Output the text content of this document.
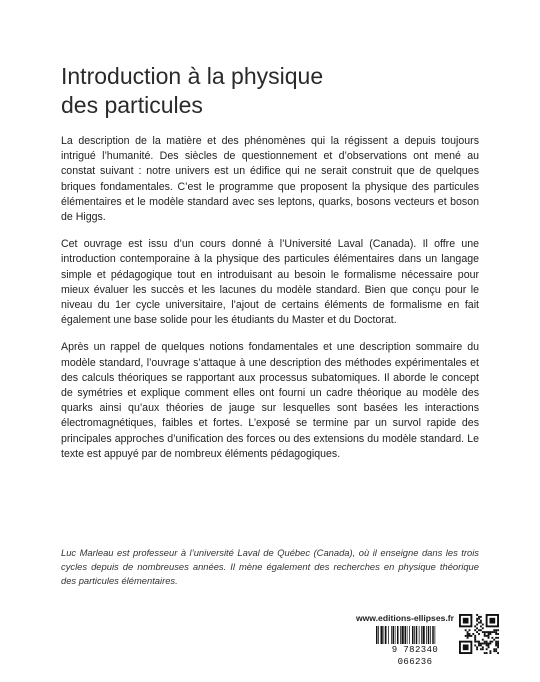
Introduction à la physique
des particules

La description de la matière et des phénomènes qui la régissent a depuis toujours intrigué l’humanité. Des siècles de questionnement et d’observations ont mené au constat suivant : notre univers est un édifice qui ne serait construit que de quelques briques fondamentales. C’est le programme que proposent la physique des particules élémentaires et le modèle standard avec ses leptons, quarks, bosons vecteurs et boson de Higgs.

Cet ouvrage est issu d’un cours donné à l’Université Laval (Canada). Il offre une introduction contemporaine à la physique des particules élémentaires dans un langage simple et pédagogique tout en introduisant au besoin le formalisme nécessaire pour mieux évaluer les succès et les lacunes du modèle standard. Bien que conçu pour le niveau du 1er cycle universitaire, l’ajout de certains éléments de formalisme en fait également une base solide pour les étudiants du Master et du Doctorat.

Après un rappel de quelques notions fondamentales et une description sommaire du modèle standard, l’ouvrage s’attaque à une description des méthodes expérimentales et des calculs théoriques se rapportant aux processus subatomiques. Il aborde le concept de symétries et explique comment elles ont fourni un cadre théorique au modèle des quarks ainsi qu’aux théories de jauge sur lesquelles sont basées les interactions électromagnétiques, faibles et fortes. L’exposé se termine par un survol rapide des principales approches d’unification des forces ou des extensions du modèle standard. Le texte est appuyé par de nombreux éléments pédagogiques.

Luc Marleau est professeur à l’université Laval de Québec (Canada), où il enseigne dans les trois cycles depuis de nombreuses années. Il mène également des recherches en physique théorique des particules élémentaires.

www.editions-ellipses.fr
9 782340 066236
